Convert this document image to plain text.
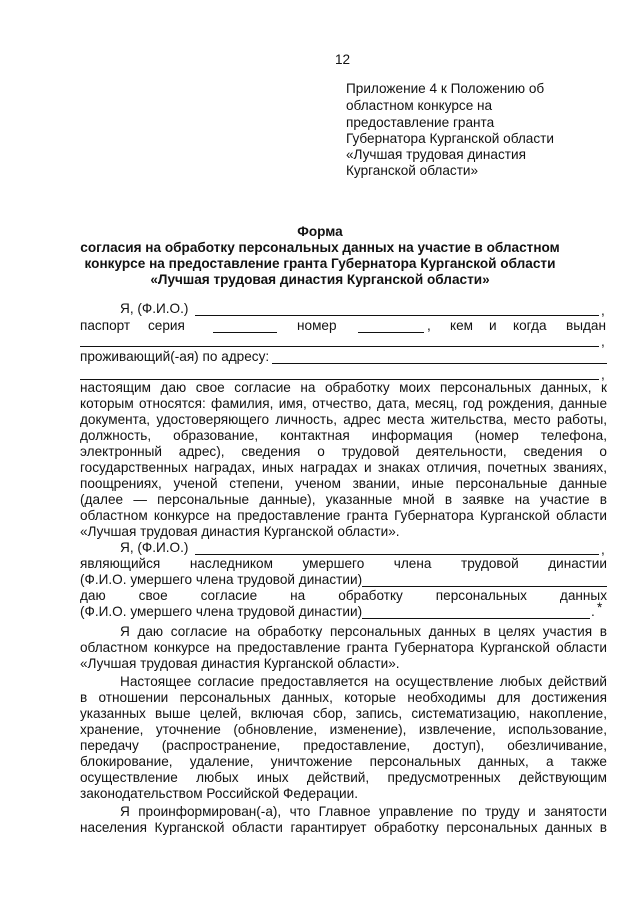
12
Приложение 4 к Положению об
областном конкурсе на
предоставление гранта
Губернатора Курганской области
«Лучшая трудовая династия
Курганской области»
Форма
согласия на обработку персональных данных на участие в областном
конкурсе на предоставление гранта Губернатора Курганской области
«Лучшая трудовая династия Курганской области»
Я, (Ф.И.О.)	,
паспорт серия	номер	, кем и когда выдан
,
проживающий(-ая) по адресу:
,
настоящим даю свое согласие на обработку моих персональных данных, к
которым относятся: фамилия, имя, отчество, дата, месяц, год рождения, данные
документа, удостоверяющего личность, адрес места жительства, место работы,
должность, образование, контактная информация (номер телефона,
электронный адрес), сведения о трудовой деятельности, сведения о
государственных наградах, иных наградах и знаках отличия, почетных званиях,
поощрениях, ученой степени, ученом звании, иные персональные данные
(далее — персональные данные), указанные мной в заявке на участие в
областном конкурсе на предоставление гранта Губернатора Курганской области
«Лучшая трудовая династия Курганской области».
Я, (Ф.И.О.)	,
являющийся наследником умершего члена трудовой династии
(Ф.И.О. умершего члена трудовой династии)
даю свое согласие на обработку персональных данных
(Ф.И.О. умершего члена трудовой династии)	. *
Я даю согласие на обработку персональных данных в целях участия в
областном конкурсе на предоставление гранта Губернатора Курганской области
«Лучшая трудовая династия Курганской области».
Настоящее согласие предоставляется на осуществление любых действий
в отношении персональных данных, которые необходимы для достижения
указанных выше целей, включая сбор, запись, систематизацию, накопление,
хранение, уточнение (обновление, изменение), извлечение, использование,
передачу (распространение, предоставление, доступ), обезличивание,
блокирование, удаление, уничтожение персональных данных, а также
осуществление любых иных действий, предусмотренных действующим
законодательством Российской Федерации.
Я проинформирован(-а), что Главное управление по труду и занятости
населения Курганской области гарантирует обработку персональных данных в
